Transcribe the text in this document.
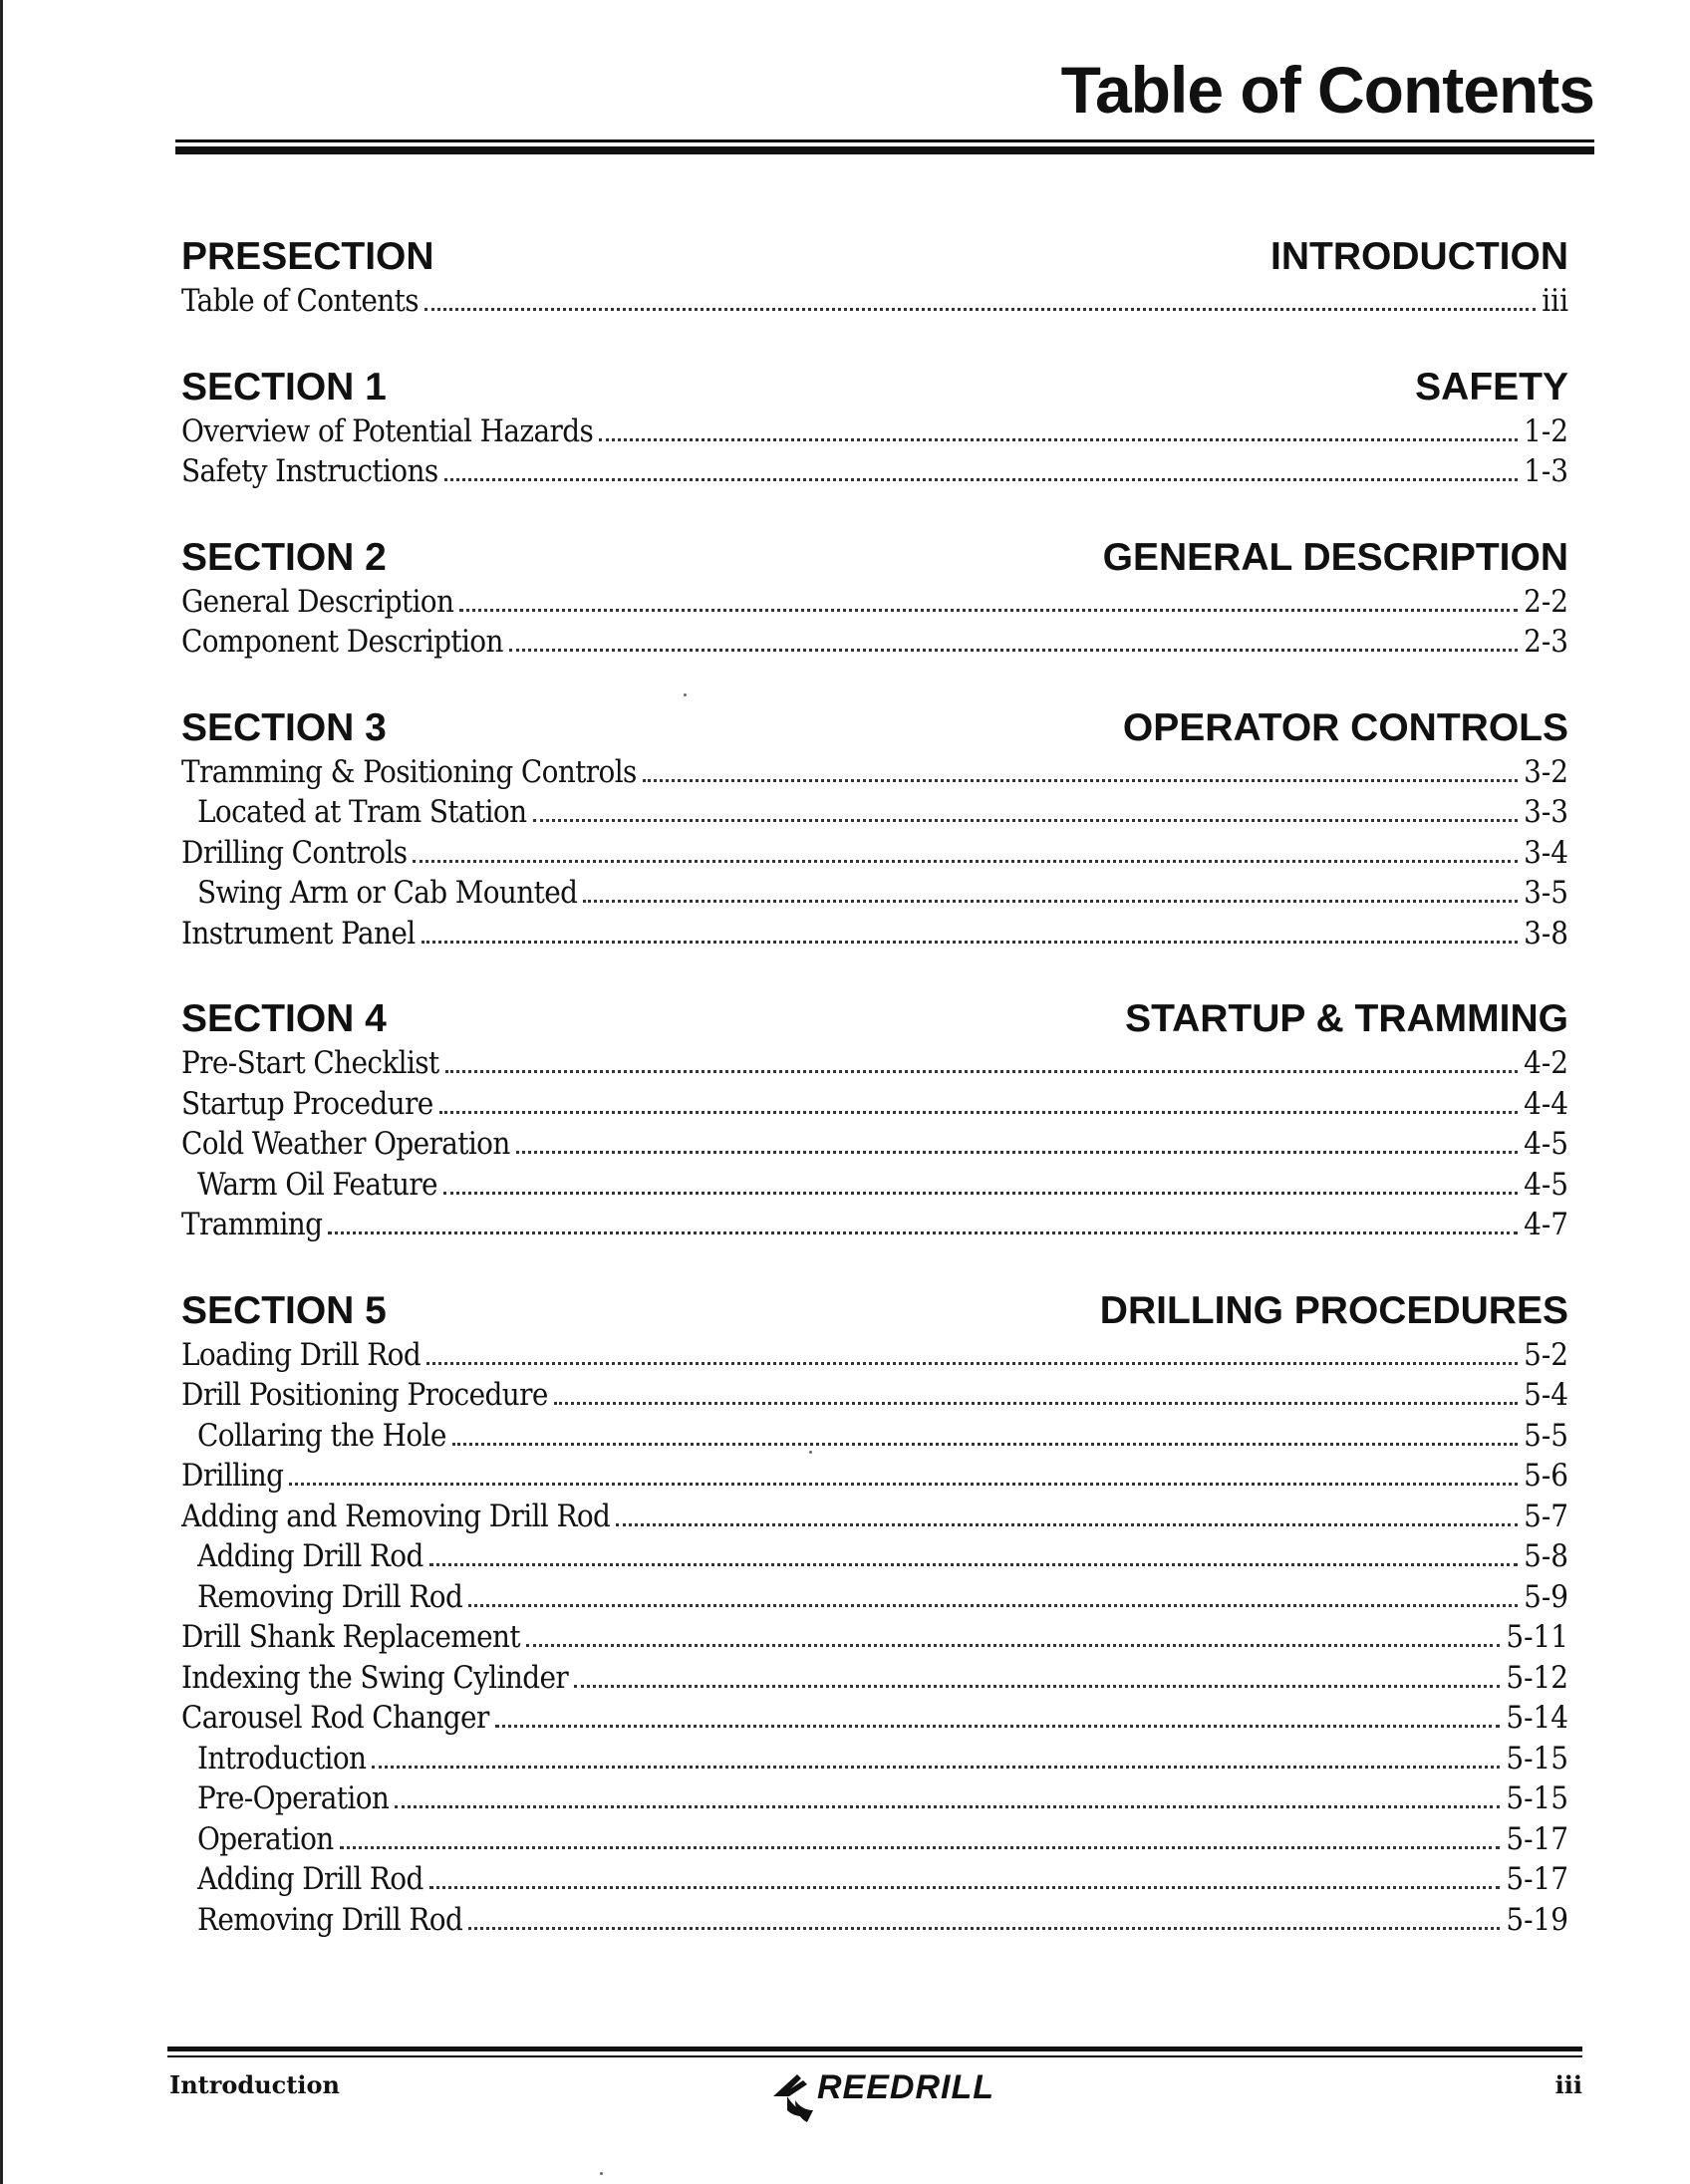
Table of Contents
PRESECTION	INTRODUCTION
Table of Contents	iii
SECTION 1	SAFETY
Overview of Potential Hazards	1-2
Safety Instructions	1-3
SECTION 2	GENERAL DESCRIPTION
General Description	2-2
Component Description	2-3
SECTION 3	OPERATOR CONTROLS
Tramming & Positioning Controls	3-2
Located at Tram Station	3-3
Drilling Controls	3-4
Swing Arm or Cab Mounted	3-5
Instrument Panel	3-8
SECTION 4	STARTUP & TRAMMING
Pre-Start Checklist	4-2
Startup Procedure	4-4
Cold Weather Operation	4-5
Warm Oil Feature	4-5
Tramming	4-7
SECTION 5	DRILLING PROCEDURES
Loading Drill Rod	5-2
Drill Positioning Procedure	5-4
Collaring the Hole	5-5
Drilling	5-6
Adding and Removing Drill Rod	5-7
Adding Drill Rod	5-8
Removing Drill Rod	5-9
Drill Shank Replacement	5-11
Indexing the Swing Cylinder	5-12
Carousel Rod Changer	5-14
Introduction	5-15
Pre-Operation	5-15
Operation	5-17
Adding Drill Rod	5-17
Removing Drill Rod	5-19
Introduction	REEDRILL	iii
